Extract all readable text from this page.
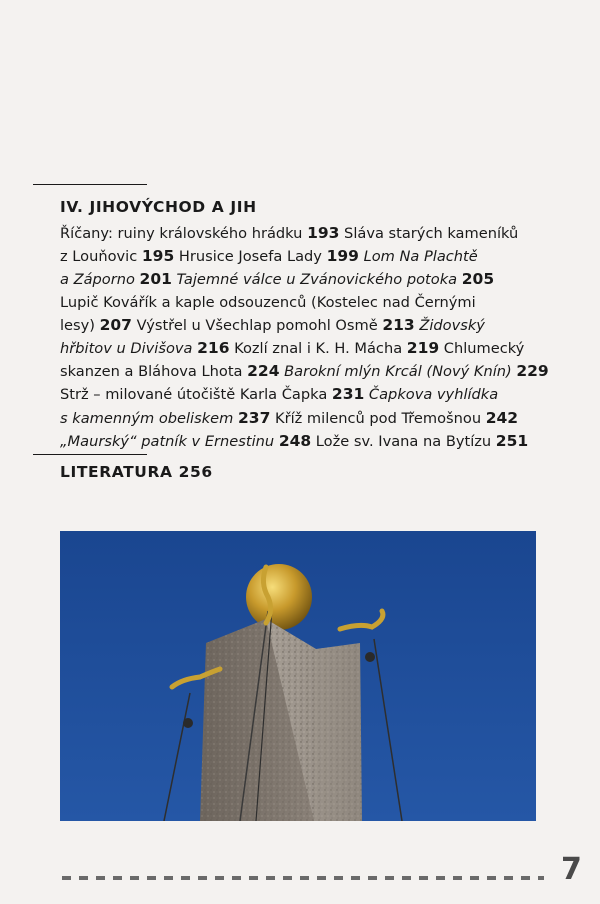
IV. JIHOVÝCHOD A JIH
Říčany: ruiny královského hrádku 193 Sláva starých kameníků
z Louňovic 195 Hrusice Josefa Lady 199 Lom Na Plachtě
a Záporno 201 Tajemné válce u Zvánovického potoka 205
Lupič Kovářík a kaple odsouzenců (Kostelec nad Černými
lesy) 207 Výstřel u Všechlap pomohl Osmě 213 Židovský
hřbitov u Divišova 216 Kozlí znal i K. H. Mácha 219 Chlumecký
skanzen a Bláhova Lhota 224 Barokní mlýn Krcál (Nový Knín) 229
Strž – milované útočiště Karla Čapka 231 Čapkova vyhlídka
s kamenným obeliskem 237 Kříž milenců pod Třemošnou 242
„Maurský“ patník v Ernestinu 248 Lože sv. Ivana na Bytízu 251
LITERATURA 256
7
